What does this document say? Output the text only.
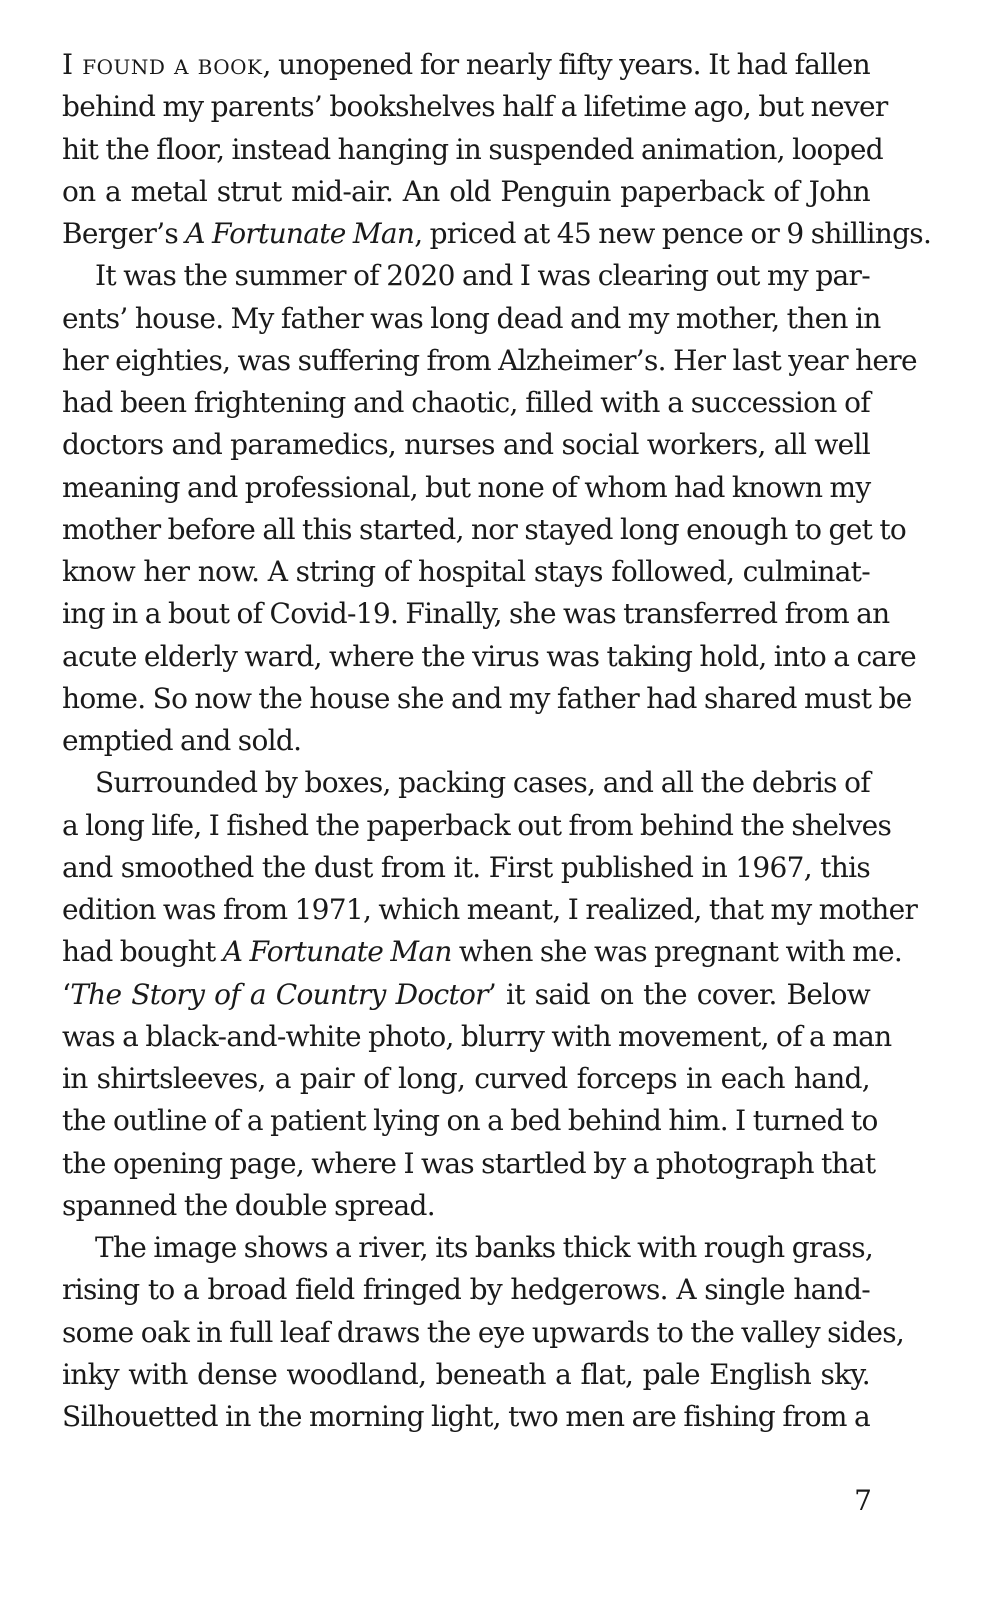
I found a book, unopened for nearly fifty years. It had fallen
behind my parents’ bookshelves half a lifetime ago, but never
hit the floor, instead hanging in suspended animation, looped
on a metal strut mid-air. An old Penguin paperback of John
Berger’s A Fortunate Man, priced at 45 new pence or 9 shillings.
It was the summer of 2020 and I was clearing out my par-
ents’ house. My father was long dead and my mother, then in
her eighties, was suffering from Alzheimer’s. Her last year here
had been frightening and chaotic, filled with a succession of
doctors and paramedics, nurses and social workers, all well
meaning and professional, but none of whom had known my
mother before all this started, nor stayed long enough to get to
know her now. A string of hospital stays followed, culminat-
ing in a bout of Covid-19. Finally, she was transferred from an
acute elderly ward, where the virus was taking hold, into a care
home. So now the house she and my father had shared must be
emptied and sold.
Surrounded by boxes, packing cases, and all the debris of
a long life, I fished the paperback out from behind the shelves
and smoothed the dust from it. First published in 1967, this
edition was from 1971, which meant, I realized, that my mother
had bought A Fortunate Man when she was pregnant with me.
‘The Story of a Country Doctor’ it said on the cover. Below
was a black-and-white photo, blurry with movement, of a man
in shirtsleeves, a pair of long, curved forceps in each hand,
the outline of a patient lying on a bed behind him. I turned to
the opening page, where I was startled by a photograph that
spanned the double spread.
The image shows a river, its banks thick with rough grass,
rising to a broad field fringed by hedgerows. A single hand-
some oak in full leaf draws the eye upwards to the valley sides,
inky with dense woodland, beneath a flat, pale English sky.
Silhouetted in the morning light, two men are fishing from a
7
